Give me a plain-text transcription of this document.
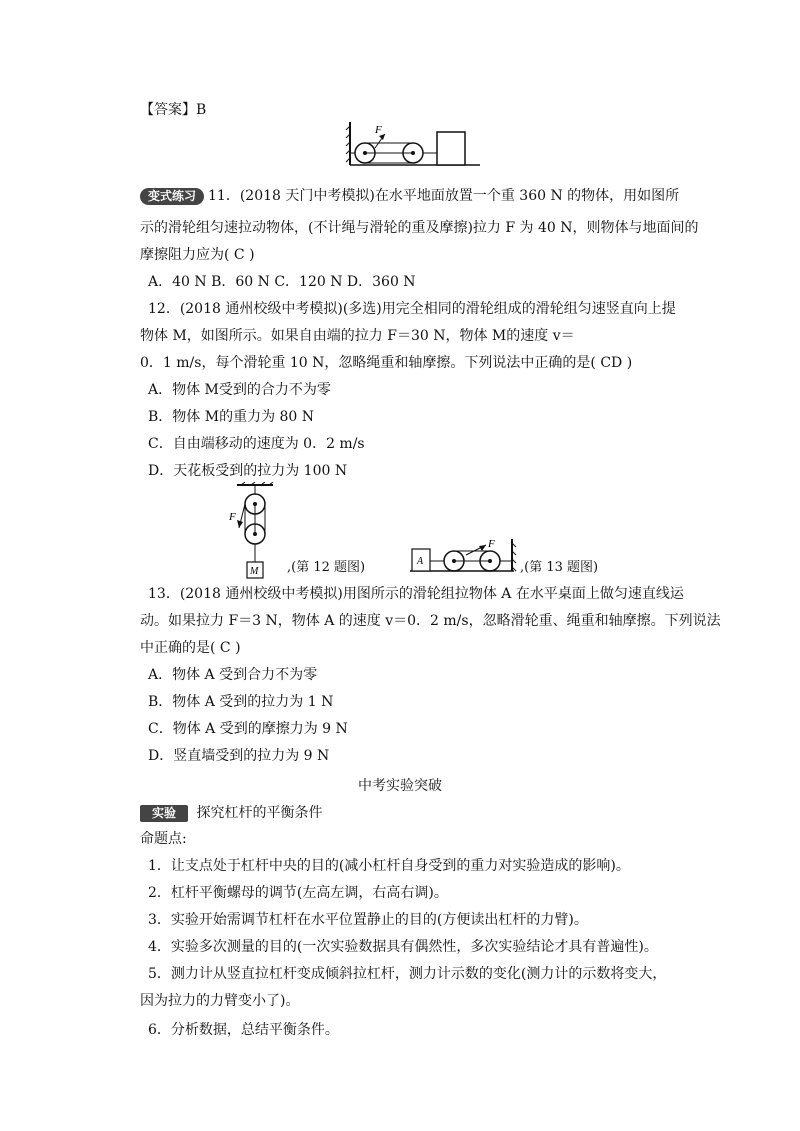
【答案】B
F
变式练习 11．(2018 天门中考模拟)在水平地面放置一个重 360 N 的物体，用如图所
示的滑轮组匀速拉动物体，(不计绳与滑轮的重及摩擦)拉力 F 为 40 N，则物体与地面间的
摩擦阻力应为( C )
A．40 N B．60 N C．120 N D．360 N
12．(2018 通州校级中考模拟)(多选)用完全相同的滑轮组成的滑轮组匀速竖直向上提
物体 M，如图所示。如果自由端的拉力 F＝30 N，物体 M的速度 v＝
0．1 m/s，每个滑轮重 10 N，忽略绳重和轴摩擦。下列说法中正确的是( CD )
A．物体 M受到的合力不为零
B．物体 M的重力为 80 N
C．自由端移动的速度为 0．2 m/s
D．天花板受到的拉力为 100 N
F
M ,(第 12 题图)	A
F
,(第 13 题图)
13．(2018 通州校级中考模拟)用图所示的滑轮组拉物体 A 在水平桌面上做匀速直线运
动。如果拉力 F＝3 N，物体 A 的速度 v＝0．2 m/s，忽略滑轮重、绳重和轴摩擦。下列说法
中正确的是( C )
A．物体 A 受到合力不为零
B．物体 A 受到的拉力为 1 N
C．物体 A 受到的摩擦力为 9 N
D．竖直墙受到的拉力为 9 N
中考实验突破
实验 探究杠杆的平衡条件
命题点:
1．让支点处于杠杆中央的目的(减小杠杆自身受到的重力对实验造成的影响)。
2．杠杆平衡螺母的调节(左高左调，右高右调)。
3．实验开始需调节杠杆在水平位置静止的目的(方便读出杠杆的力臂)。
4．实验多次测量的目的(一次实验数据具有偶然性，多次实验结论才具有普遍性)。
5．测力计从竖直拉杠杆变成倾斜拉杠杆，测力计示数的变化(测力计的示数将变大，
因为拉力的力臂变小了)。
6．分析数据，总结平衡条件。
